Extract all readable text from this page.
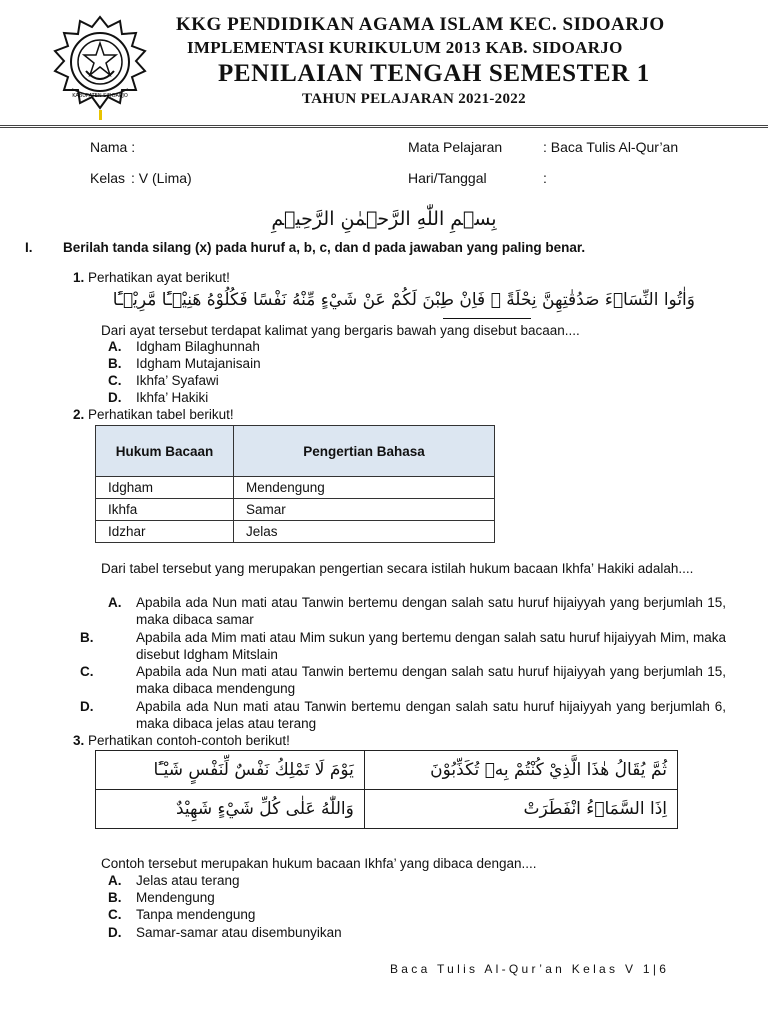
KABUPATEN SIDOARJO
KKG PENDIDIKAN AGAMA ISLAM KEC. SIDOARJO
IMPLEMENTASI KURIKULUM 2013 KAB. SIDOARJO
PENILAIAN TENGAH SEMESTER 1
TAHUN PELAJARAN 2021-2022
Nama :
Kelas : V (Lima)
Mata Pelajaran	: Baca Tulis Al-Qur’an
Hari/Tanggal	:
بِسۡمِ اللّٰهِ الرَّحۡمٰنِ الرَّحِيۡمِ
I. Berilah tanda silang (x) pada huruf a, b, c, dan d pada jawaban yang paling benar.
1. Perhatikan ayat berikut!
وَاٰتُوا النِّسَاۤءَ صَدُقٰتِهِنَّ نِحْلَةً ۗ فَاِنْ طِبْنَ لَكُمْ عَنْ شَيْءٍ مِّنْهُ نَفْسًا فَكُلُوْهُ هَنِيْۤـًٔا مَّرِيْۤـًٔا
Dari ayat tersebut terdapat kalimat yang bergaris bawah yang disebut bacaan....
A. Idgham Bilaghunnah
B. Idgham Mutajanisain
C. Ikhfa’ Syafawi
D. Ikhfa’ Hakiki
2. Perhatikan tabel berikut!
Hukum Bacaan	Pengertian Bahasa
Idgham	Mendengung
Ikhfa	Samar
Idzhar	Jelas
Dari tabel tersebut yang merupakan pengertian secara istilah hukum bacaan Ikhfa’ Hakiki adalah....
A. Apabila ada Nun mati atau Tanwin bertemu dengan salah satu huruf hijaiyyah yang berjumlah 15, maka dibaca samar
B.	Apabila ada Mim mati atau Mim sukun yang bertemu dengan salah satu huruf hijaiyyah Mim, maka disebut Idgham Mitslain
C.	Apabila ada Nun mati atau Tanwin bertemu dengan salah satu huruf hijaiyyah yang berjumlah 15, maka dibaca mendengung
D.	Apabila ada Nun mati atau Tanwin bertemu dengan salah satu huruf hijaiyyah yang berjumlah 6, maka dibaca jelas atau terang
3. Perhatikan contoh-contoh berikut!
يَوْمَ لَا تَمْلِكُ نَفْسٌ لِّنَفْسٍ شَيْـًٔا	ثُمَّ يُقَالُ هٰذَا الَّذِيْ كُنْتُمْ بِهٖ تُكَذِّبُوْنَ
وَاللّٰهُ عَلٰى كُلِّ شَيْءٍ شَهِيْدٌ	اِذَا السَّمَاۤءُ انْفَطَرَتْ
Contoh tersebut merupakan hukum bacaan Ikhfa’ yang dibaca dengan....
A. Jelas atau terang
B. Mendengung
C. Tanpa mendengung
D. Samar-samar atau disembunyikan
Baca Tulis Al-Qur’an Kelas V 1|6
